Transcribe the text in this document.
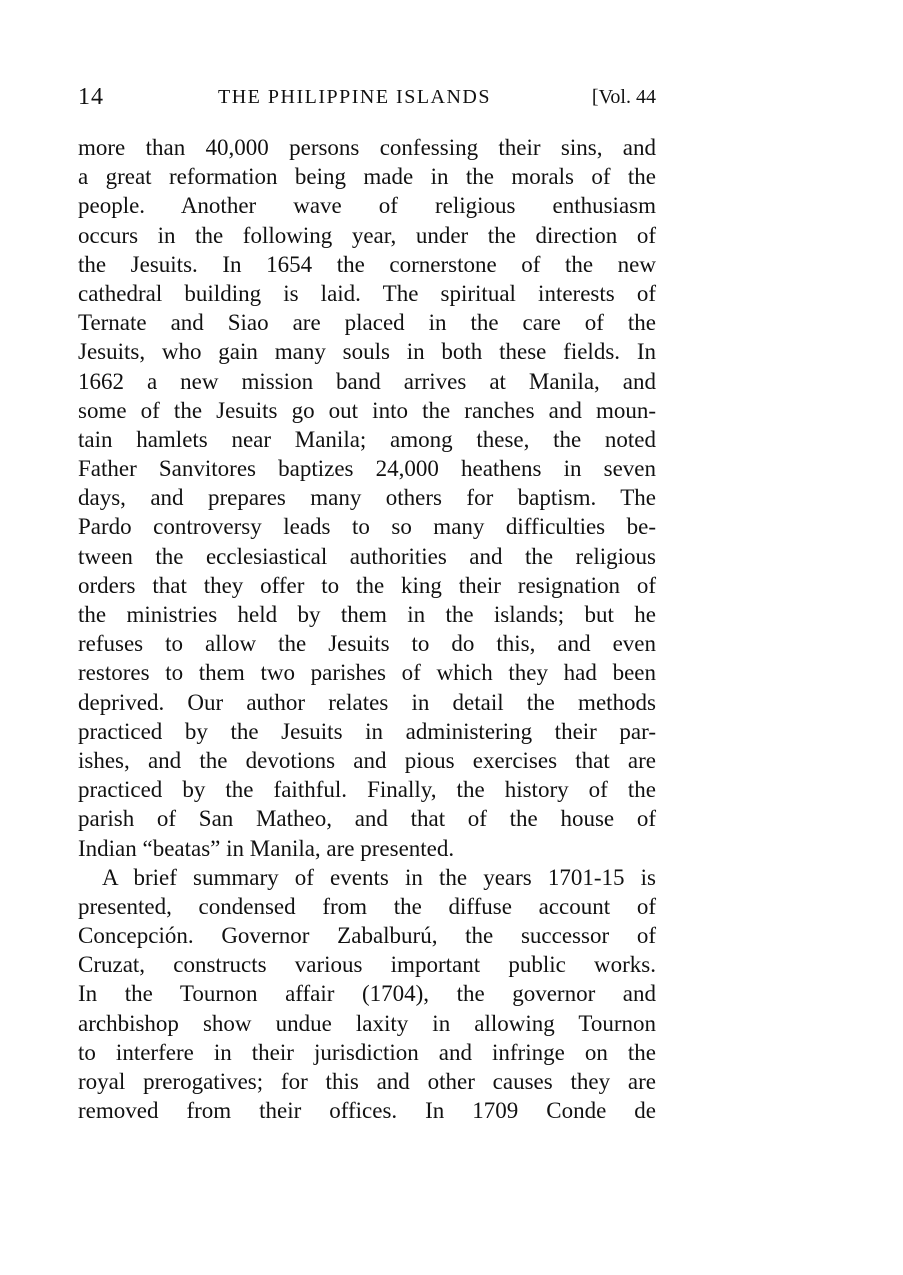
14	THE PHILIPPINE ISLANDS	[Vol. 44
more than 40,000 persons confessing their sins, and
a great reformation being made in the morals of the
people. Another wave of religious enthusiasm
occurs in the following year, under the direction of
the Jesuits. In 1654 the cornerstone of the new
cathedral building is laid. The spiritual interests of
Ternate and Siao are placed in the care of the
Jesuits, who gain many souls in both these fields. In
1662 a new mission band arrives at Manila, and
some of the Jesuits go out into the ranches and moun-
tain hamlets near Manila; among these, the noted
Father Sanvitores baptizes 24,000 heathens in seven
days, and prepares many others for baptism. The
Pardo controversy leads to so many difficulties be-
tween the ecclesiastical authorities and the religious
orders that they offer to the king their resignation of
the ministries held by them in the islands; but he
refuses to allow the Jesuits to do this, and even
restores to them two parishes of which they had been
deprived. Our author relates in detail the methods
practiced by the Jesuits in administering their par-
ishes, and the devotions and pious exercises that are
practiced by the faithful. Finally, the history of the
parish of San Matheo, and that of the house of
Indian “beatas” in Manila, are presented.
A brief summary of events in the years 1701-15 is
presented, condensed from the diffuse account of
Concepción. Governor Zabalburú, the successor of
Cruzat, constructs various important public works.
In the Tournon affair (1704), the governor and
archbishop show undue laxity in allowing Tournon
to interfere in their jurisdiction and infringe on the
royal prerogatives; for this and other causes they are
removed from their offices. In 1709 Conde de
